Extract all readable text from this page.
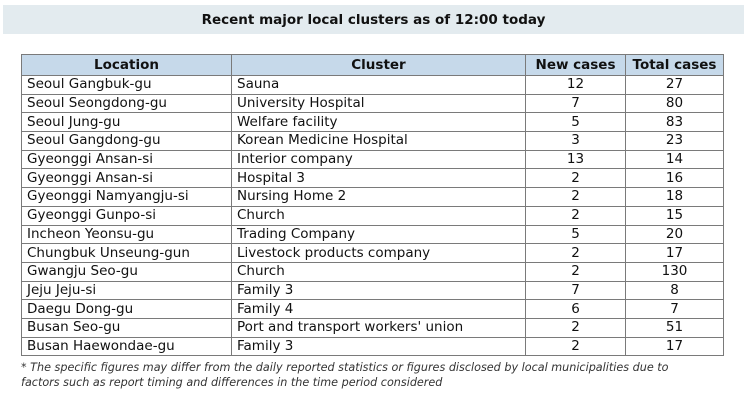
Recent major local clusters as of 12:00 today
Location	Cluster	New cases	Total cases
Seoul Gangbuk-gu	Sauna	12	27
Seoul Seongdong-gu	University Hospital	7	80
Seoul Jung-gu	Welfare facility	5	83
Seoul Gangdong-gu	Korean Medicine Hospital	3	23
Gyeonggi Ansan-si	Interior company	13	14
Gyeonggi Ansan-si	Hospital 3	2	16
Gyeonggi Namyangju-si	Nursing Home 2	2	18
Gyeonggi Gunpo-si	Church	2	15
Incheon Yeonsu-gu	Trading Company	5	20
Chungbuk Unseung-gun	Livestock products company	2	17
Gwangju Seo-gu	Church	2	130
Jeju Jeju-si	Family 3	7	8
Daegu Dong-gu	Family 4	6	7
Busan Seo-gu	Port and transport workers' union	2	51
Busan Haewondae-gu	Family 3	2	17
* The specific figures may differ from the daily reported statistics or figures disclosed by local municipalities due to
factors such as report timing and differences in the time period considered
